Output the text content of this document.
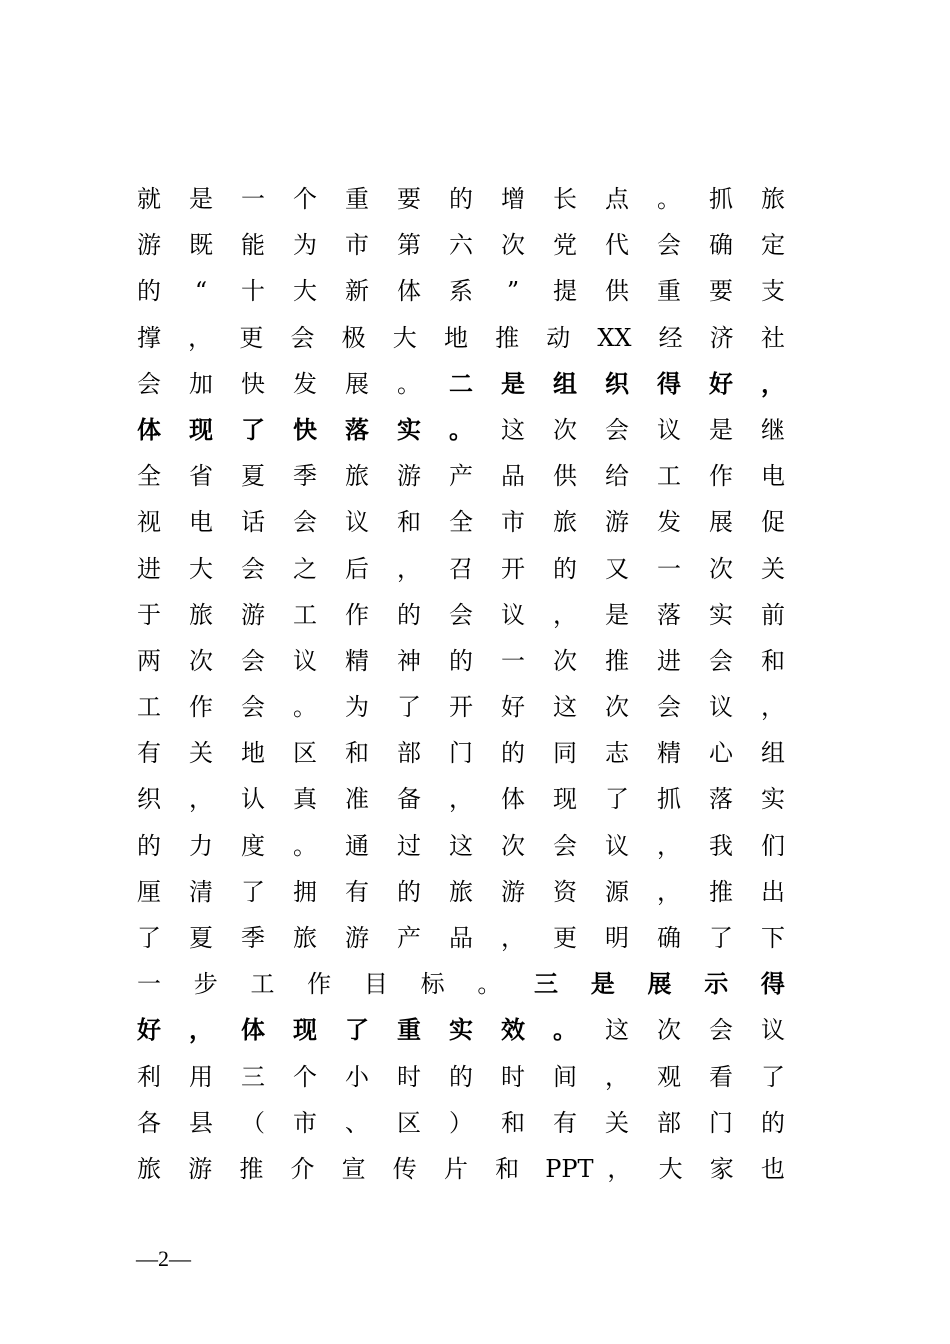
就 是 一 个 重 要 的 增 长 点 。 抓 旅
游 既 能 为 市 第 六 次 党 代 会 确 定
的 “ 十 大 新 体 系 ” 提 供 重 要 支
撑 ， 更 会 极 大 地 推 动 XX 经 济 社
会 加 快 发 展 。 二 是 组 织 得 好 ，
体 现 了 快 落 实 。 这 次 会 议 是 继
全 省 夏 季 旅 游 产 品 供 给 工 作 电
视 电 话 会 议 和 全 市 旅 游 发 展 促
进 大 会 之 后 ， 召 开 的 又 一 次 关
于 旅 游 工 作 的 会 议 ， 是 落 实 前
两 次 会 议 精 神 的 一 次 推 进 会 和
工 作 会 。 为 了 开 好 这 次 会 议 ，
有 关 地 区 和 部 门 的 同 志 精 心 组
织 ， 认 真 准 备 ， 体 现 了 抓 落 实
的 力 度 。 通 过 这 次 会 议 ， 我 们
厘 清 了 拥 有 的 旅 游 资 源 ， 推 出
了 夏 季 旅 游 产 品 ， 更 明 确 了 下
一 步 工 作 目 标 。 三 是 展 示 得
好 ， 体 现 了 重 实 效 。 这 次 会 议
利 用 三 个 小 时 的 时 间 ， 观 看 了
各 县 （ 市 、 区 ） 和 有 关 部 门 的
旅 游 推 介 宣 传 片 和 PPT ， 大 家 也
—2—
